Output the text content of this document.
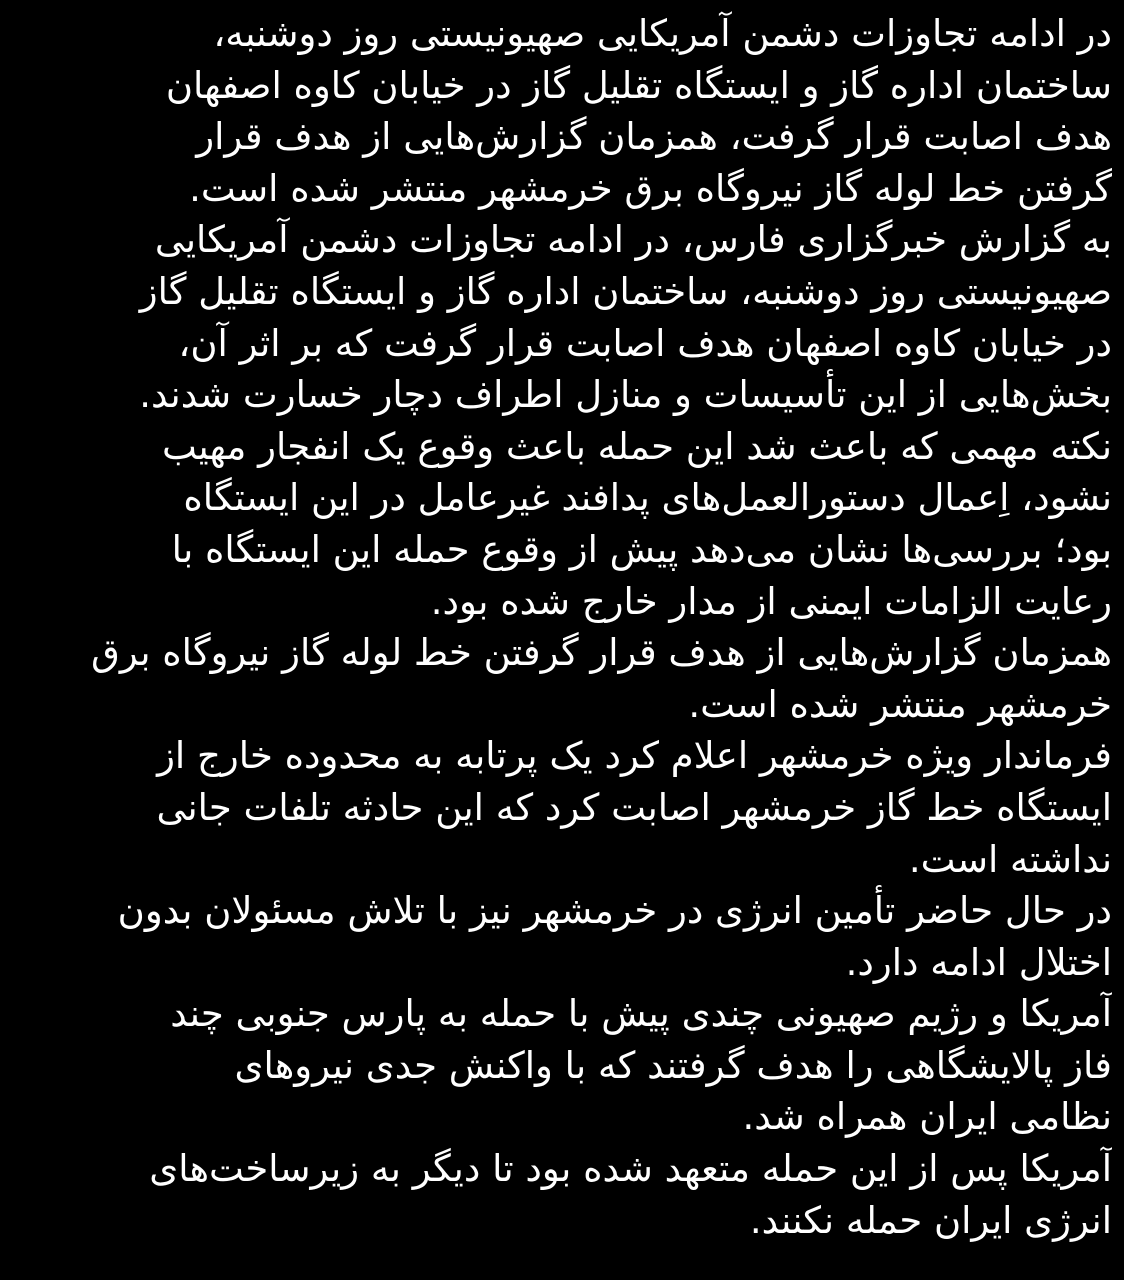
در ادامه تجاوزات دشمن آمریکایی صهیونیستی روز دوشنبه،
ساختمان اداره گاز و ایستگاه تقلیل گاز در خیابان کاوه اصفهان
هدف اصابت قرار گرفت، همزمان گزارش‌هایی از هدف قرار
گرفتن خط لوله گاز نیروگاه برق خرمشهر منتشر شده است.
به گزارش خبرگزاری فارس، در ادامه تجاوزات دشمن آمریکایی
صهیونیستی روز دوشنبه، ساختمان اداره گاز و ایستگاه تقلیل گاز
در خیابان کاوه اصفهان هدف اصابت قرار گرفت که بر اثر آن،
بخش‌هایی از این تأسیسات و منازل اطراف دچار خسارت شدند.
نکته مهمی که باعث شد این حمله باعث وقوع یک انفجار مهیب
نشود، اِعمال دستورالعمل‌های پدافند غیرعامل در این ایستگاه
بود؛ بررسی‌ها نشان می‌دهد پیش از وقوع حمله این ایستگاه با
رعایت الزامات ایمنی از مدار خارج شده بود.
همزمان گزارش‌هایی از هدف قرار گرفتن خط لوله گاز نیروگاه برق
خرمشهر منتشر شده است.
فرماندار ویژه خرمشهر اعلام کرد یک پرتابه به محدوده خارج از
ایستگاه خط گاز خرمشهر اصابت کرد که این حادثه تلفات جانی
نداشته است.
در حال حاضر تأمین انرژی در خرمشهر نیز با تلاش مسئولان بدون
اختلال ادامه دارد.
آمریکا و رژیم صهیونی چندی پیش با حمله به پارس جنوبی چند
فاز پالایشگاهی را هدف گرفتند که با واکنش جدی نیروهای
نظامی ایران همراه شد.
آمریکا پس از این حمله متعهد شده بود تا دیگر به زیرساخت‌های
انرژی ایران حمله نکنند.
